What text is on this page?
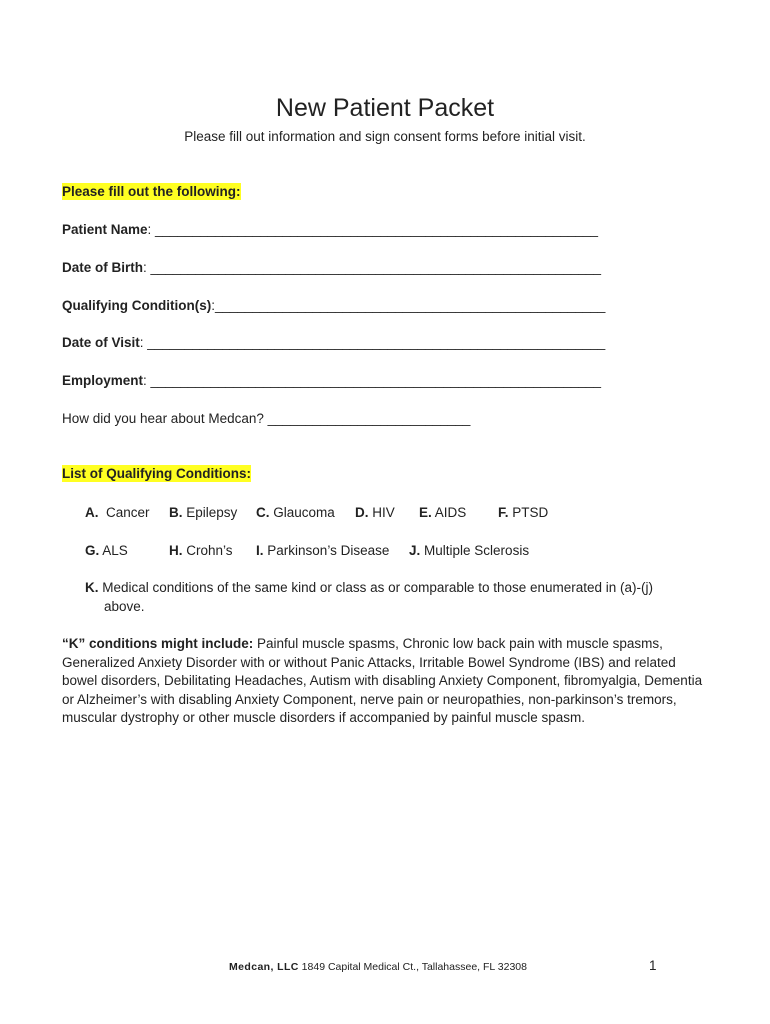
New Patient Packet
Please fill out information and sign consent forms before initial visit.
Please fill out the following:
Patient Name: ___________________________________________________________
Date of Birth: ____________________________________________________________
Qualifying Condition(s):____________________________________________________
Date of Visit: _____________________________________________________________
Employment: ____________________________________________________________
How did you hear about Medcan? ___________________________
List of Qualifying Conditions:
A. Cancer B. Epilepsy C. Glaucoma D. HIV E. AIDS F. PTSD
G. ALS	H. Crohn’s I. Parkinson’s Disease J. Multiple Sclerosis
K. Medical conditions of the same kind or class as or comparable to those enumerated in (a)-(j)
above.
“K” conditions might include: Painful muscle spasms, Chronic low back pain with muscle spasms, Generalized Anxiety Disorder with or without Panic Attacks, Irritable Bowel Syndrome (IBS) and related bowel disorders, Debilitating Headaches, Autism with disabling Anxiety Component, fibromyalgia, Dementia or Alzheimer’s with disabling Anxiety Component, nerve pain or neuropathies, non-parkinson’s tremors, muscular dystrophy or other muscle disorders if accompanied by painful muscle spasm.
Medcan, LLC 1849 Capital Medical Ct., Tallahassee, FL 32308	1
